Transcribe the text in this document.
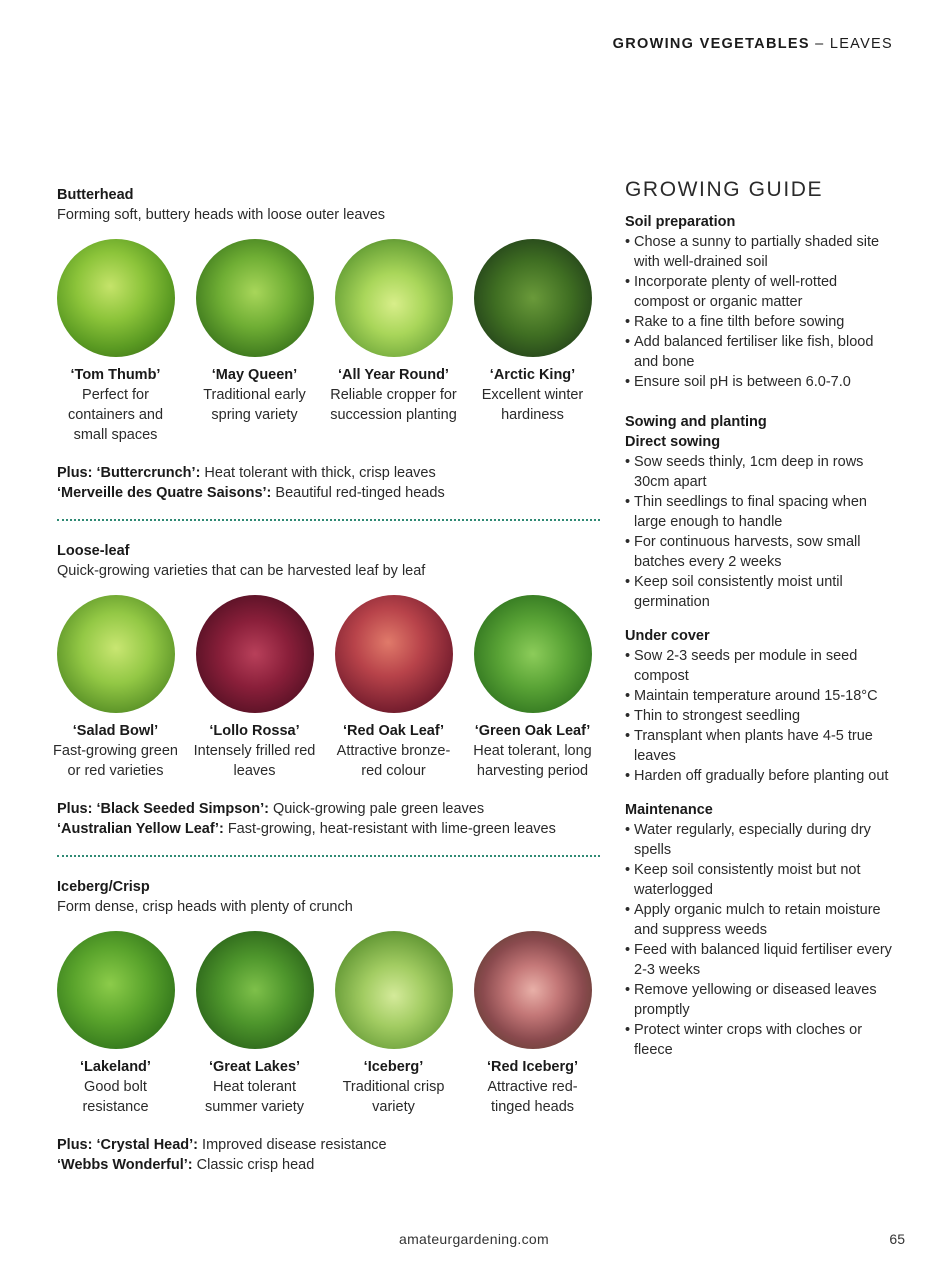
GROWING VEGETABLES – LEAVES
Butterhead
Forming soft, buttery heads with loose outer leaves
‘Tom Thumb’
Perfect for containers and small spaces
‘May Queen’
Traditional early spring variety
‘All Year Round’
Reliable cropper for succession planting
‘Arctic King’
Excellent winter hardiness
Plus: ‘Buttercrunch’: Heat tolerant with thick, crisp leaves
‘Merveille des Quatre Saisons’: Beautiful red-tinged heads
Loose-leaf
Quick-growing varieties that can be harvested leaf by leaf
‘Salad Bowl’
Fast-growing green or red varieties
‘Lollo Rossa’
Intensely frilled red leaves
‘Red Oak Leaf’
Attractive bronze-red colour
‘Green Oak Leaf’
Heat tolerant, long harvesting period
Plus: ‘Black Seeded Simpson’: Quick-growing pale green leaves
‘Australian Yellow Leaf’: Fast-growing, heat-resistant with lime-green leaves
Iceberg/Crisp
Form dense, crisp heads with plenty of crunch
‘Lakeland’
Good bolt resistance
‘Great Lakes’
Heat tolerant summer variety
‘Iceberg’
Traditional crisp variety
‘Red Iceberg’
Attractive red-tinged heads
Plus: ‘Crystal Head’: Improved disease resistance
‘Webbs Wonderful’: Classic crisp head
GROWING GUIDE
Soil preparation
• Chose a sunny to partially shaded site with well-drained soil
• Incorporate plenty of well-rotted compost or organic matter
• Rake to a fine tilth before sowing
• Add balanced fertiliser like fish, blood and bone
• Ensure soil pH is between 6.0-7.0
Sowing and planting
Direct sowing
• Sow seeds thinly, 1cm deep in rows 30cm apart
• Thin seedlings to final spacing when large enough to handle
• For continuous harvests, sow small batches every 2 weeks
• Keep soil consistently moist until germination
Under cover
• Sow 2-3 seeds per module in seed compost
• Maintain temperature around 15-18°C
• Thin to strongest seedling
• Transplant when plants have 4-5 true leaves
• Harden off gradually before planting out
Maintenance
• Water regularly, especially during dry spells
• Keep soil consistently moist but not waterlogged
• Apply organic mulch to retain moisture and suppress weeds
• Feed with balanced liquid fertiliser every 2-3 weeks
• Remove yellowing or diseased leaves promptly
• Protect winter crops with cloches or fleece
amateurgardening.com	65
